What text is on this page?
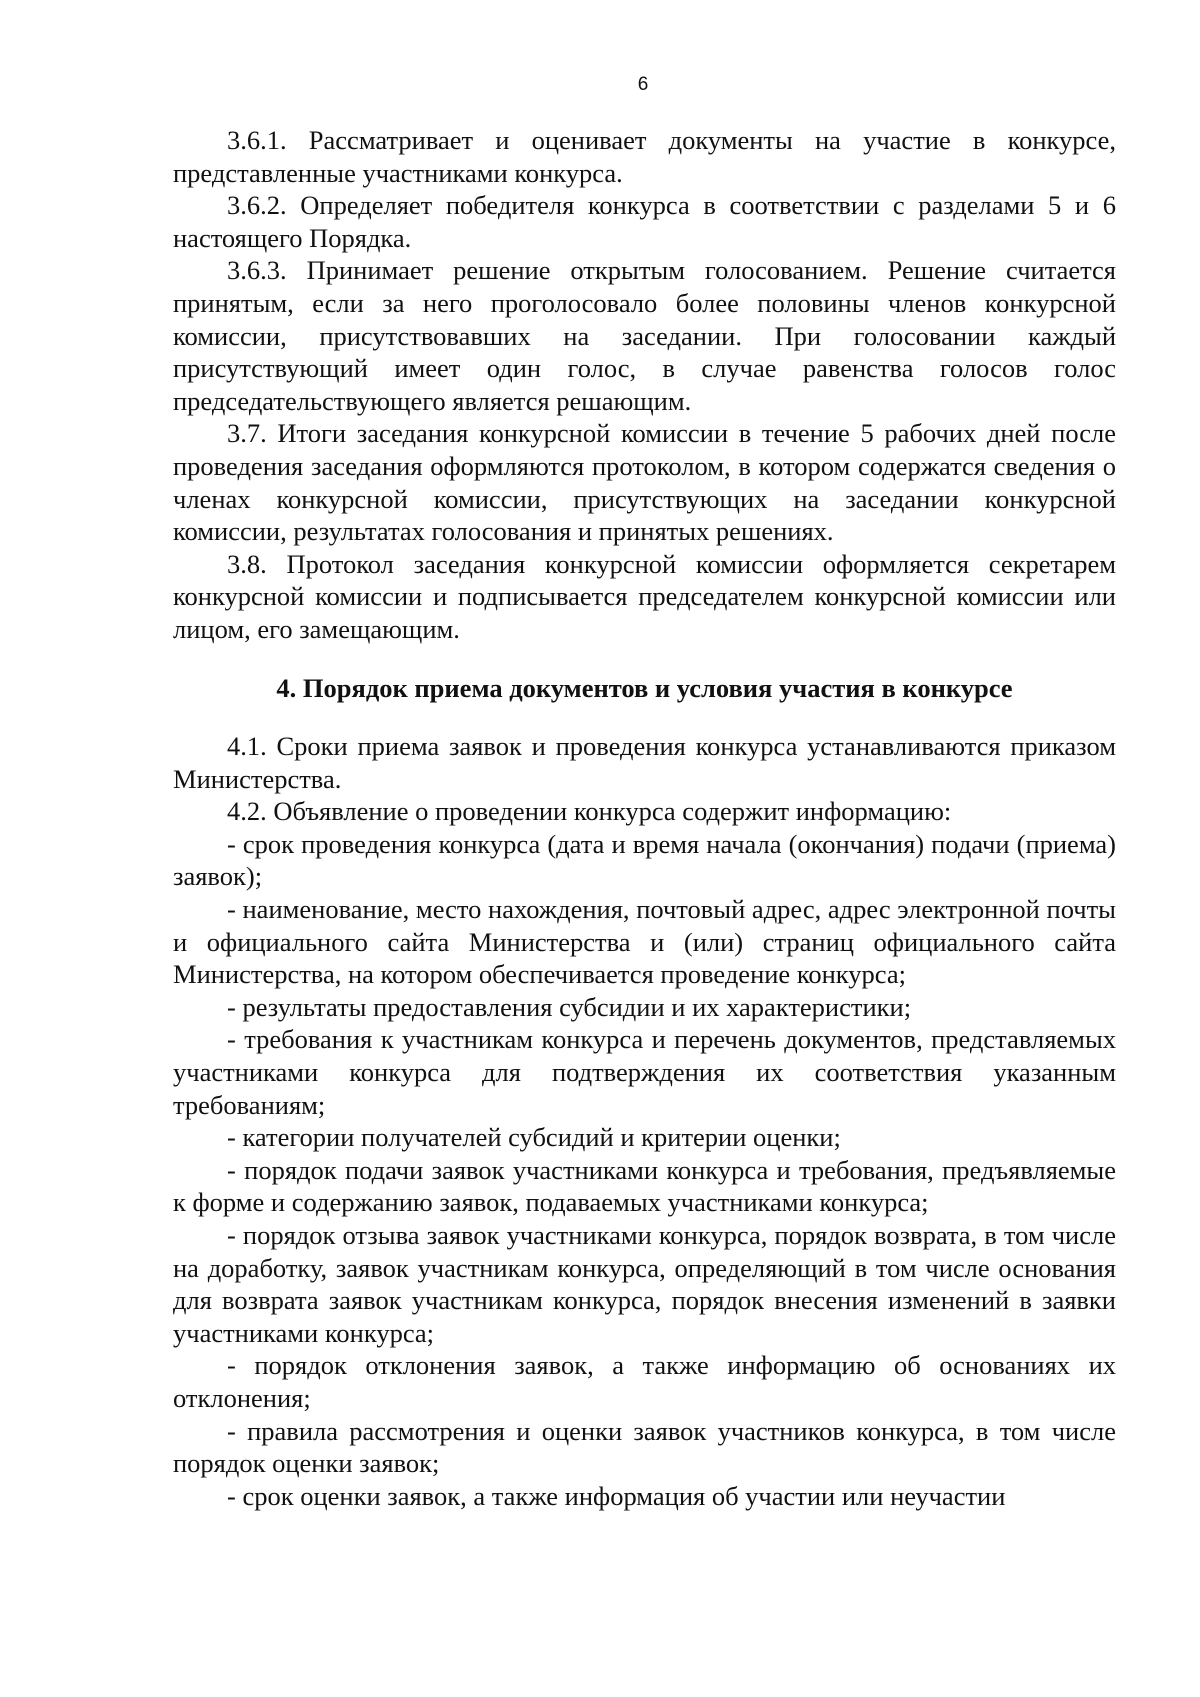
6

3.6.1. Рассматривает и оценивает документы на участие в конкурсе, представленные участниками конкурса.

3.6.2. Определяет победителя конкурса в соответствии с разделами 5 и 6 настоящего Порядка.

3.6.3. Принимает решение открытым голосованием. Решение считается принятым, если за него проголосовало более половины членов конкурсной комиссии, присутствовавших на заседании. При голосовании каждый присутствующий имеет один голос, в случае равенства голосов голос председательствующего является решающим.

3.7. Итоги заседания конкурсной комиссии в течение 5 рабочих дней после проведения заседания оформляются протоколом, в котором содержатся сведения о членах конкурсной комиссии, присутствующих на заседании конкурсной комиссии, результатах голосования и принятых решениях.

3.8. Протокол заседания конкурсной комиссии оформляется секретарем конкурсной комиссии и подписывается председателем конкурсной комиссии или лицом, его замещающим.

4. Порядок приема документов и условия участия в конкурсе

4.1. Сроки приема заявок и проведения конкурса устанавливаются приказом Министерства.

4.2. Объявление о проведении конкурса содержит информацию:

- срок проведения конкурса (дата и время начала (окончания) подачи (приема) заявок);

- наименование, место нахождения, почтовый адрес, адрес электронной почты и официального сайта Министерства и (или) страниц официального сайта Министерства, на котором обеспечивается проведение конкурса;

- результаты предоставления субсидии и их характеристики;

- требования к участникам конкурса и перечень документов, представляемых участниками конкурса для подтверждения их соответствия указанным требованиям;

- категории получателей субсидий и критерии оценки;

- порядок подачи заявок участниками конкурса и требования, предъявляемые к форме и содержанию заявок, подаваемых участниками конкурса;

- порядок отзыва заявок участниками конкурса, порядок возврата, в том числе на доработку, заявок участникам конкурса, определяющий в том числе основания для возврата заявок участникам конкурса, порядок внесения изменений в заявки участниками конкурса;

- порядок отклонения заявок, а также информацию об основаниях их отклонения;

- правила рассмотрения и оценки заявок участников конкурса, в том числе порядок оценки заявок;

- срок оценки заявок, а также информация об участии или неучастии
